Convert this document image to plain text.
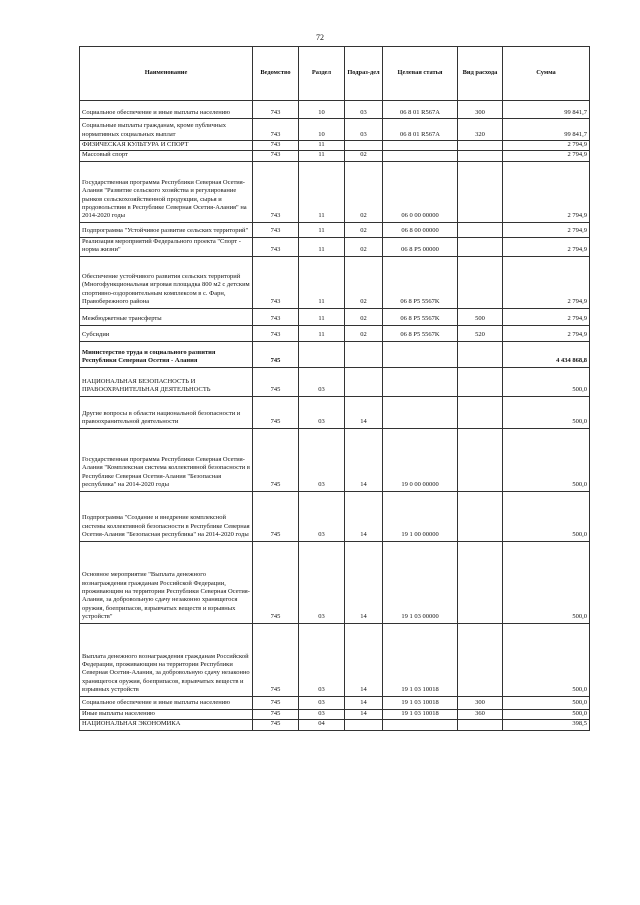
72
Наименование	Ведомство	Раздел	Подраз-дел	Целевая статья	Вид расхода	Сумма
Социальное обеспечение и иные выплаты населению	743	10	03	06 8 01 R567A	300	99 841,7
Социальные выплаты гражданам, кроме публичных нормативных социальных выплат	743	10	03	06 8 01 R567A	320	99 841,7
ФИЗИЧЕСКАЯ КУЛЬТУРА И СПОРТ	743	11				2 794,9
Массовый спорт	743	11	02			2 794,9
Государственная программа Республики Северная Осетия-Алания "Развитие сельского хозяйства и регулирование рынков сельскохозяйственной продукции, сырья и продовольствия в Республике Северная Осетия-Алания" на 2014-2020 годы	743	11	02	06 0 00 00000		2 794,9
Подпрограмма "Устойчивое развитие сельских территорий"	743	11	02	06 8 00 00000		2 794,9
Реализация мероприятий Федерального проекта "Спорт - норма жизни"	743	11	02	06 8 P5 00000		2 794,9
Обеспечение устойчивого развития сельских территорий (Многофункциональная игровая площадка 800 м2 с детским спортивно-оздоровительным комплексом в с. Фарн, Правобережного района	743	11	02	06 8 P5 5567K		2 794,9
Межбюджетные трансферты	743	11	02	06 8 P5 5567K	500	2 794,9
Субсидии	743	11	02	06 8 P5 5567K	520	2 794,9
Министерство труда и социального развития Республики Северная Осетия - Алания	745					4 434 868,8
НАЦИОНАЛЬНАЯ БЕЗОПАСНОСТЬ И ПРАВООХРАНИТЕЛЬНАЯ ДЕЯТЕЛЬНОСТЬ	745	03				500,0
Другие вопросы в области национальной безопасности и правоохранительной деятельности	745	03	14			500,0
Государственная программа Республики Северная Осетия-Алания "Комплексная система коллективной безопасности в Республике Северная Осетия-Алания "Безопасная республика" на 2014-2020 годы	745	03	14	19 0 00 00000		500,0
Подпрограмма "Создание и внедрение комплексной системы коллективной безопасности в Республике Северная Осетия-Алания "Безопасная республика" на 2014-2020 годы	745	03	14	19 1 00 00000		500,0
Основное мероприятие "Выплата денежного вознаграждения гражданам Российской Федерации, проживающим на территории Республики Северная Осетия-Алания, за добровольную сдачу незаконно хранящегося оружия, боеприпасов, взрывчатых веществ и взрывных устройств"	745	03	14	19 1 03 00000		500,0
Выплата денежного вознаграждения гражданам Российской Федерации, проживающим на территории Республики Северная Осетия-Алания, за добровольную сдачу незаконно хранящегося оружия, боеприпасов, взрывчатых веществ и взрывных устройств	745	03	14	19 1 03 10018		500,0
Социальное обеспечение и иные выплаты населению	745	03	14	19 1 03 10018	300	500,0
Иные выплаты населению	745	03	14	19 1 03 10018	360	500,0
НАЦИОНАЛЬНАЯ ЭКОНОМИКА	745	04				398,5
